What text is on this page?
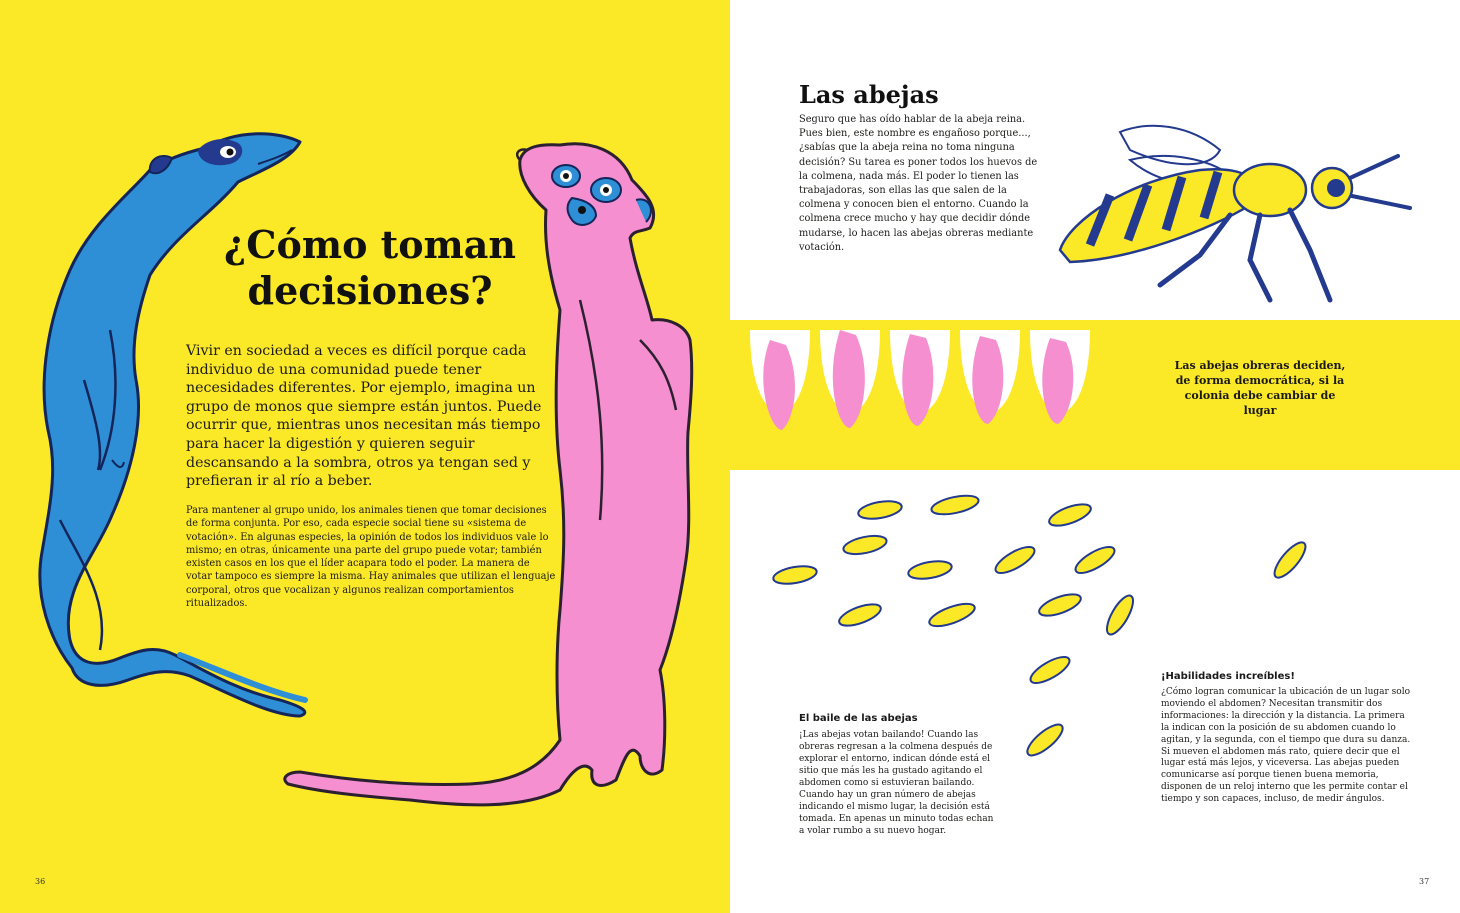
¿Cómo toman decisiones?

Vivir en sociedad a veces es difícil porque cada individuo de una comunidad puede tener necesidades diferentes. Por ejemplo, imagina un grupo de monos que siempre están juntos. Puede ocurrir que, mientras unos necesitan más tiempo para hacer la digestión y quieren seguir descansando a la sombra, otros ya tengan sed y prefieran ir al río a beber.

Para mantener al grupo unido, los animales tienen que tomar decisiones de forma conjunta. Por eso, cada especie social tiene su «sistema de votación». En algunas especies, la opinión de todos los individuos vale lo mismo; en otras, únicamente una parte del grupo puede votar; también existen casos en los que el líder acapara todo el poder. La manera de votar tampoco es siempre la misma. Hay animales que utilizan el lenguaje corporal, otros que vocalizan y algunos realizan comportamientos ritualizados.

36
Las abejas

Seguro que has oído hablar de la abeja reina. Pues bien, este nombre es engañoso porque..., ¿sabías que la abeja reina no toma ninguna decisión? Su tarea es poner todos los huevos de la colmena, nada más. El poder lo tienen las trabajadoras, son ellas las que salen de la colmena y conocen bien el entorno. Cuando la colmena crece mucho y hay que decidir dónde mudarse, lo hacen las abejas obreras mediante votación.

Las abejas obreras deciden, de forma democrática, si la colonia debe cambiar de lugar

El baile de las abejas

¡Las abejas votan bailando! Cuando las obreras regresan a la colmena después de explorar el entorno, indican dónde está el sitio que más les ha gustado agitando el abdomen como si estuvieran bailando. Cuando hay un gran número de abejas indicando el mismo lugar, la decisión está tomada. En apenas un minuto todas echan a volar rumbo a su nuevo hogar.

¡Habilidades increíbles!

¿Cómo logran comunicar la ubicación de un lugar solo moviendo el abdomen? Necesitan transmitir dos informaciones: la dirección y la distancia. La primera la indican con la posición de su abdomen cuando lo agitan, y la segunda, con el tiempo que dura su danza. Si mueven el abdomen más rato, quiere decir que el lugar está más lejos, y viceversa. Las abejas pueden comunicarse así porque tienen buena memoria, disponen de un reloj interno que les permite contar el tiempo y son capaces, incluso, de medir ángulos.

37
